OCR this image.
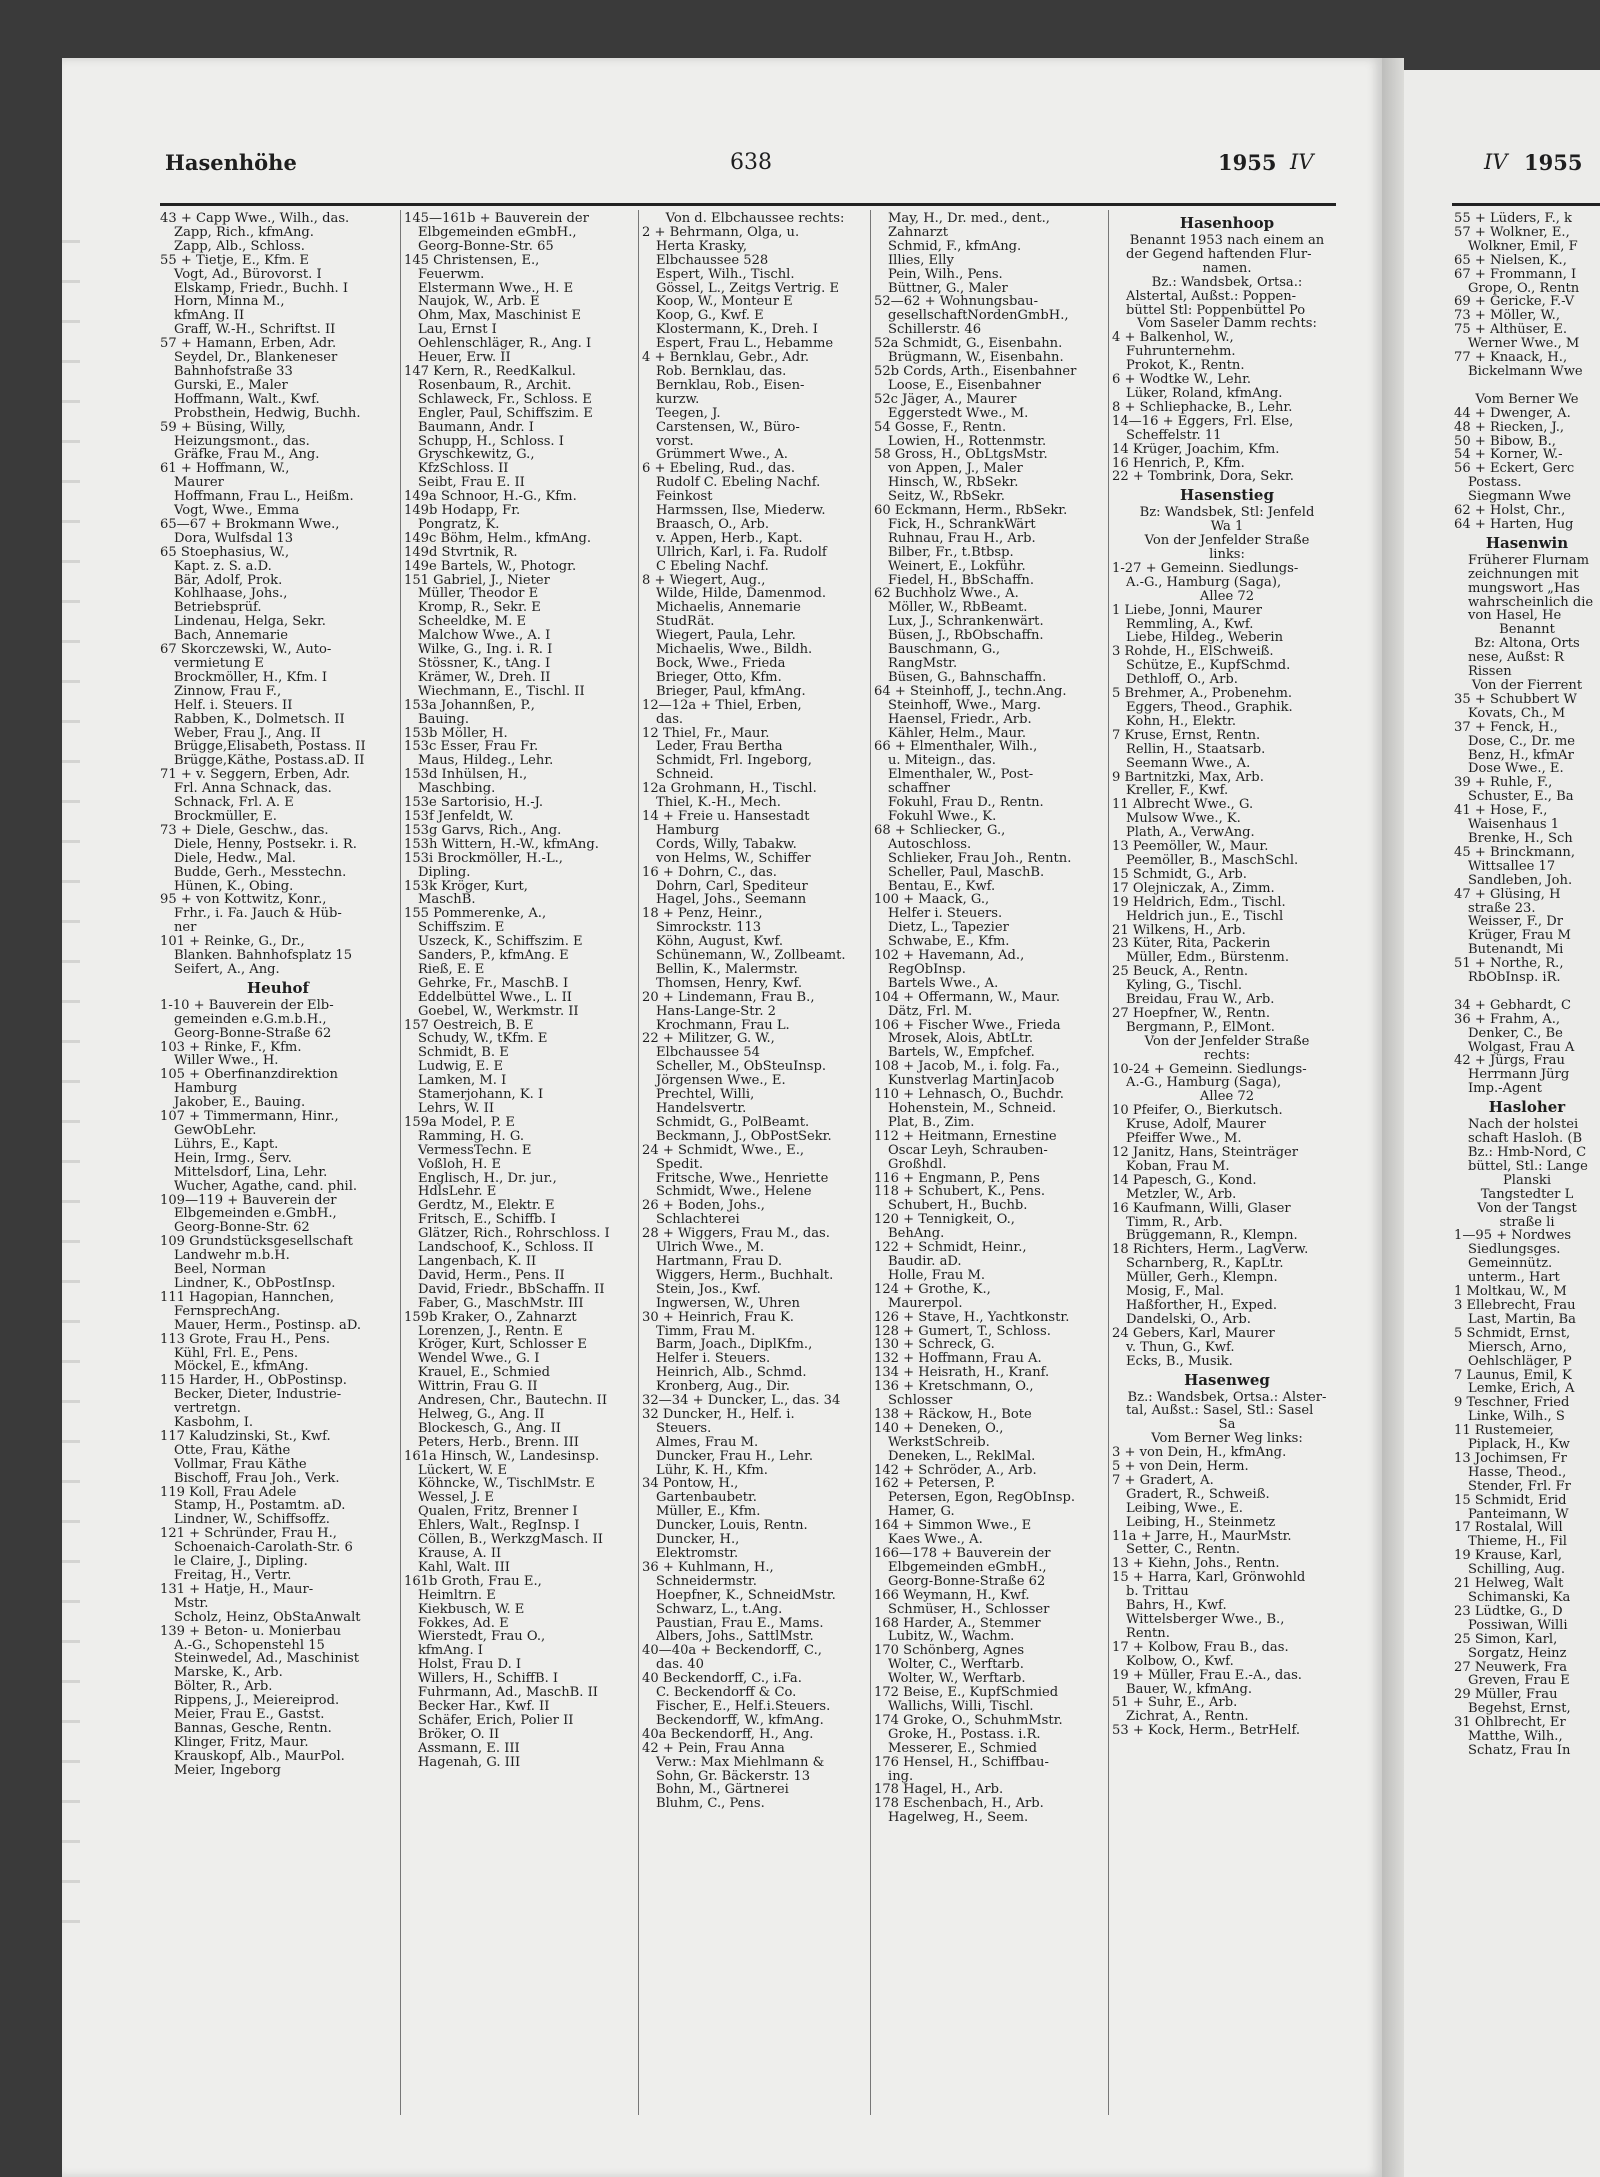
Hasenhöhe	638	1955 IV	IV 1955
43 + Capp Wwe., Wilh., das.
Zapp, Rich., kfmAng.
Zapp, Alb., Schloss.
55 + Tietje, E., Kfm. E
Vogt, Ad., Bürovorst. I
Elskamp, Friedr., Buchh. I
Horn, Minna M.,
kfmAng. II
Graff, W.-H., Schriftst. II
57 + Hamann, Erben, Adr.
Seydel, Dr., Blankeneser
Bahnhofstraße 33
Gurski, E., Maler
Hoffmann, Walt., Kwf.
Probsthein, Hedwig, Buchh.
59 + Büsing, Willy,
Heizungsmont., das.
Gräfke, Frau M., Ang.
61 + Hoffmann, W.,
Maurer
Hoffmann, Frau L., Heißm.
Vogt, Wwe., Emma
65—67 + Brokmann Wwe.,
Dora, Wulfsdal 13
65 Stoephasius, W.,
Kapt. z. S. a.D.
Bär, Adolf, Prok.
Kohlhaase, Johs.,
Betriebsprüf.
Lindenau, Helga, Sekr.
Bach, Annemarie
67 Skorczewski, W., Auto-
vermietung E
Brockmöller, H., Kfm. I
Zinnow, Frau F.,
Helf. i. Steuers. II
Rabben, K., Dolmetsch. II
Weber, Frau J., Ang. II
Brügge,Elisabeth, Postass. II
Brügge,Käthe, Postass.aD. II
71 + v. Seggern, Erben, Adr.
Frl. Anna Schnack, das.
Schnack, Frl. A. E
Brockmüller, E.
73 + Diele, Geschw., das.
Diele, Henny, Postsekr. i. R.
Diele, Hedw., Mal.
Budde, Gerh., Messtechn.
Hünen, K., Obing.
95 + von Kottwitz, Konr.,
Frhr., i. Fa. Jauch & Hüb-
ner
101 + Reinke, G., Dr.,
Blanken. Bahnhofsplatz 15
Seifert, A., Ang.
Heuhof
1-10 + Bauverein der Elb-
gemeinden e.G.m.b.H.,
Georg-Bonne-Straße 62
103 + Rinke, F., Kfm.
Willer Wwe., H.
105 + Oberfinanzdirektion
Hamburg
Jakober, E., Bauing.
107 + Timmermann, Hinr.,
GewObLehr.
Lührs, E., Kapt.
Hein, Irmg., Serv.
Mittelsdorf, Lina, Lehr.
Wucher, Agathe, cand. phil.
109—119 + Bauverein der
Elbgemeinden e.GmbH.,
Georg-Bonne-Str. 62
109 Grundstücksgesellschaft
Landwehr m.b.H.
Beel, Norman
Lindner, K., ObPostInsp.
111 Hagopian, Hannchen,
FernsprechAng.
Mauer, Herm., Postinsp. aD.
113 Grote, Frau H., Pens.
Kühl, Frl. E., Pens.
Möckel, E., kfmAng.
115 Harder, H., ObPostinsp.
Becker, Dieter, Industrie-
vertretgn.
Kasbohm, I.
117 Kaludzinski, St., Kwf.
Otte, Frau, Käthe
Vollmar, Frau Käthe
Bischoff, Frau Joh., Verk.
119 Koll, Frau Adele
Stamp, H., Postamtm. aD.
Lindner, W., Schiffsoffz.
121 + Schründer, Frau H.,
Schoenaich-Carolath-Str. 6
le Claire, J., Dipling.
Freitag, H., Vertr.
131 + Hatje, H., Maur-
Mstr.
Scholz, Heinz, ObStaAnwalt
139 + Beton- u. Monierbau
A.-G., Schopenstehl 15
Steinwedel, Ad., Maschinist
Marske, K., Arb.
Bölter, R., Arb.
Rippens, J., Meiereiprod.
Meier, Frau E., Gastst.
Bannas, Gesche, Rentn.
Klinger, Fritz, Maur.
Krauskopf, Alb., MaurPol.
Meier, Ingeborg
145—161b + Bauverein der
Elbgemeinden eGmbH.,
Georg-Bonne-Str. 65
145 Christensen, E.,
Feuerwm.
Elstermann Wwe., H. E
Naujok, W., Arb. E
Ohm, Max, Maschinist E
Lau, Ernst I
Oehlenschläger, R., Ang. I
Heuer, Erw. II
147 Kern, R., ReedKalkul.
Rosenbaum, R., Archit.
Schlaweck, Fr., Schloss. E
Engler, Paul, Schiffszim. E
Baumann, Andr. I
Schupp, H., Schloss. I
Gryschkewitz, G.,
KfzSchloss. II
Seibt, Frau E. II
149a Schnoor, H.-G., Kfm.
149b Hodapp, Fr.
Pongratz, K.
149c Böhm, Helm., kfmAng.
149d Stvrtnik, R.
149e Bartels, W., Photogr.
151 Gabriel, J., Nieter
Müller, Theodor E
Kromp, R., Sekr. E
Scheeldke, M. E
Malchow Wwe., A. I
Wilke, G., Ing. i. R. I
Stössner, K., tAng. I
Krämer, W., Dreh. II
Wiechmann, E., Tischl. II
153a Johannßen, P.,
Bauing.
153b Möller, H.
153c Esser, Frau Fr.
Maus, Hildeg., Lehr.
153d Inhülsen, H.,
Maschbing.
153e Sartorisio, H.-J.
153f Jenfeldt, W.
153g Garvs, Rich., Ang.
153h Wittern, H.-W., kfmAng.
153i Brockmöller, H.-L.,
Dipling.
153k Kröger, Kurt,
MaschB.
155 Pommerenke, A.,
Schiffszim. E
Uszeck, K., Schiffszim. E
Sanders, P., kfmAng. E
Rieß, E. E
Gehrke, Fr., MaschB. I
Eddelbüttel Wwe., L. II
Goebel, W., Werkmstr. II
157 Oestreich, B. E
Schudy, W., tKfm. E
Schmidt, B. E
Ludwig, E. E
Lamken, M. I
Stamerjohann, K. I
Lehrs, W. II
159a Model, P. E
Ramming, H. G.
VermessTechn. E
Voßloh, H. E
Englisch, H., Dr. jur.,
HdlsLehr. E
Gerdtz, M., Elektr. E
Fritsch, E., Schiffb. I
Glätzer, Rich., Rohrschloss. I
Landschoof, K., Schloss. II
Langenbach, K. II
David, Herm., Pens. II
David, Friedr., BbSchaffn. II
Faber, G., MaschMstr. III
159b Kraker, O., Zahnarzt
Lorenzen, J., Rentn. E
Kröger, Kurt, Schlosser E
Wendel Wwe., G. I
Krauel, E., Schmied
Wittrin, Frau G. II
Andresen, Chr., Bautechn. II
Helweg, G., Ang. II
Blockesch, G., Ang. II
Peters, Herb., Brenn. III
161a Hinsch, W., Landesinsp.
Lückert, W. E
Köhncke, W., TischlMstr. E
Wessel, J. E
Qualen, Fritz, Brenner I
Ehlers, Walt., RegInsp. I
Cöllen, B., WerkzgMasch. II
Krause, A. II
Kahl, Walt. III
161b Groth, Frau E.,
Heimltrn. E
Kiekbusch, W. E
Fokkes, Ad. E
Wierstedt, Frau O.,
kfmAng. I
Holst, Frau D. I
Willers, H., SchiffB. I
Fuhrmann, Ad., MaschB. II
Becker Har., Kwf. II
Schäfer, Erich, Polier II
Bröker, O. II
Assmann, E. III
Hagenah, G. III
Von d. Elbchaussee rechts:
2 + Behrmann, Olga, u.
Herta Krasky,
Elbchaussee 528
Espert, Wilh., Tischl.
Gössel, L., Zeitgs Vertrig. E
Koop, W., Monteur E
Koop, G., Kwf. E
Klostermann, K., Dreh. I
Espert, Frau L., Hebamme
4 + Bernklau, Gebr., Adr.
Rob. Bernklau, das.
Bernklau, Rob., Eisen-
kurzw.
Teegen, J.
Carstensen, W., Büro-
vorst.
Grümmert Wwe., A.
6 + Ebeling, Rud., das.
Rudolf C. Ebeling Nachf.
Feinkost
Harmssen, Ilse, Miederw.
Braasch, O., Arb.
v. Appen, Herb., Kapt.
Ullrich, Karl, i. Fa. Rudolf
C Ebeling Nachf.
8 + Wiegert, Aug.,
Wilde, Hilde, Damenmod.
Michaelis, Annemarie
StudRät.
Wiegert, Paula, Lehr.
Michaelis, Wwe., Bildh.
Bock, Wwe., Frieda
Brieger, Otto, Kfm.
Brieger, Paul, kfmAng.
12—12a + Thiel, Erben,
das.
12 Thiel, Fr., Maur.
Leder, Frau Bertha
Schmidt, Frl. Ingeborg,
Schneid.
12a Grohmann, H., Tischl.
Thiel, K.-H., Mech.
14 + Freie u. Hansestadt
Hamburg
Cords, Willy, Tabakw.
von Helms, W., Schiffer
16 + Dohrn, C., das.
Dohrn, Carl, Spediteur
Hagel, Johs., Seemann
18 + Penz, Heinr.,
Simrockstr. 113
Köhn, August, Kwf.
Schünemann, W., Zollbeamt.
Bellin, K., Malermstr.
Thomsen, Henry, Kwf.
20 + Lindemann, Frau B.,
Hans-Lange-Str. 2
Krochmann, Frau L.
22 + Militzer, G. W.,
Elbchaussee 54
Scheller, M., ObSteuInsp.
Jörgensen Wwe., E.
Prechtel, Willi,
Handelsvertr.
Schmidt, G., PolBeamt.
Beckmann, J., ObPostSekr.
24 + Schmidt, Wwe., E.,
Spedit.
Fritsche, Wwe., Henriette
Schmidt, Wwe., Helene
26 + Boden, Johs.,
Schlachterei
28 + Wiggers, Frau M., das.
Ulrich Wwe., M.
Hartmann, Frau D.
Wiggers, Herm., Buchhalt.
Stein, Jos., Kwf.
Ingwersen, W., Uhren
30 + Heinrich, Frau K.
Timm, Frau M.
Barm, Joach., DiplKfm.,
Helfer i. Steuers.
Heinrich, Alb., Schmd.
Kronberg, Aug., Dir.
32—34 + Duncker, L., das. 34
32 Duncker, H., Helf. i.
Steuers.
Almes, Frau M.
Duncker, Frau H., Lehr.
Lühr, K. H., Kfm.
34 Pontow, H.,
Gartenbaubetr.
Müller, E., Kfm.
Duncker, Louis, Rentn.
Duncker, H.,
Elektromstr.
36 + Kuhlmann, H.,
Schneidermstr.
Hoepfner, K., SchneidMstr.
Schwarz, L., t.Ang.
Paustian, Frau E., Mams.
Albers, Johs., SattlMstr.
40—40a + Beckendorff, C.,
das. 40
40 Beckendorff, C., i.Fa.
C. Beckendorff & Co.
Fischer, E., Helf.i.Steuers.
Beckendorff, W., kfmAng.
40a Beckendorff, H., Ang.
42 + Pein, Frau Anna
Verw.: Max Miehlmann &
Sohn, Gr. Bäckerstr. 13
Bohn, M., Gärtnerei
Bluhm, C., Pens.
May, H., Dr. med., dent.,
Zahnarzt
Schmid, F., kfmAng.
Illies, Elly
Pein, Wilh., Pens.
Büttner, G., Maler
52—62 + Wohnungsbau-
gesellschaftNordenGmbH.,
Schillerstr. 46
52a Schmidt, G., Eisenbahn.
Brügmann, W., Eisenbahn.
52b Cords, Arth., Eisenbahner
Loose, E., Eisenbahner
52c Jäger, A., Maurer
Eggerstedt Wwe., M.
54 Gosse, F., Rentn.
Lowien, H., Rottenmstr.
58 Gross, H., ObLtgsMstr.
von Appen, J., Maler
Hinsch, W., RbSekr.
Seitz, W., RbSekr.
60 Eckmann, Herm., RbSekr.
Fick, H., SchrankWärt
Ruhnau, Frau H., Arb.
Bilber, Fr., t.Btbsp.
Weinert, E., Lokführ.
Fiedel, H., BbSchaffn.
62 Buchholz Wwe., A.
Möller, W., RbBeamt.
Lux, J., Schrankenwärt.
Büsen, J., RbObschaffn.
Bauschmann, G.,
RangMstr.
Büsen, G., Bahnschaffn.
64 + Steinhoff, J., techn.Ang.
Steinhoff, Wwe., Marg.
Haensel, Friedr., Arb.
Kähler, Helm., Maur.
66 + Elmenthaler, Wilh.,
u. Miteign., das.
Elmenthaler, W., Post-
schaffner
Fokuhl, Frau D., Rentn.
Fokuhl Wwe., K.
68 + Schliecker, G.,
Autoschloss.
Schlieker, Frau Joh., Rentn.
Scheller, Paul, MaschB.
Bentau, E., Kwf.
100 + Maack, G.,
Helfer i. Steuers.
Dietz, L., Tapezier
Schwabe, E., Kfm.
102 + Havemann, Ad.,
RegObInsp.
Bartels Wwe., A.
104 + Offermann, W., Maur.
Dätz, Frl. M.
106 + Fischer Wwe., Frieda
Mrosek, Alois, AbtLtr.
Bartels, W., Empfchef.
108 + Jacob, M., i. folg. Fa.,
Kunstverlag MartinJacob
110 + Lehnasch, O., Buchdr.
Hohenstein, M., Schneid.
Plat, B., Zim.
112 + Heitmann, Ernestine
Oscar Leyh, Schrauben-
Großhdl.
116 + Engmann, P., Pens
118 + Schubert, K., Pens.
Schubert, H., Buchb.
120 + Tennigkeit, O.,
BehAng.
122 + Schmidt, Heinr.,
Baudir. aD.
Holle, Frau M.
124 + Grothe, K.,
Maurerpol.
126 + Stave, H., Yachtkonstr.
128 + Gumert, T., Schloss.
130 + Schreck, G.
132 + Hoffmann, Frau A.
134 + Heisrath, H., Kranf.
136 + Kretschmann, O.,
Schlosser
138 + Räckow, H., Bote
140 + Deneken, O.,
WerkstSchreib.
Deneken, L., ReklMal.
142 + Schröder, A., Arb.
162 + Petersen, P.
Petersen, Egon, RegObInsp.
Hamer, G.
164 + Simmon Wwe., E
Kaes Wwe., A.
166—178 + Bauverein der
Elbgemeinden eGmbH.,
Georg-Bonne-Straße 62
166 Weymann, H., Kwf.
Schmüser, H., Schlosser
168 Harder, A., Stemmer
Lubitz, W., Wachm.
170 Schönberg, Agnes
Wolter, C., Werftarb.
Wolter, W., Werftarb.
172 Beise, E., KupfSchmied
Wallichs, Willi, Tischl.
174 Groke, O., SchuhmMstr.
Groke, H., Postass. i.R.
Messerer, E., Schmied
176 Hensel, H., Schiffbau-
ing.
178 Hagel, H., Arb.
178 Eschenbach, H., Arb.
Hagelweg, H., Seem.
Hasenhoop
Benannt 1953 nach einem an
der Gegend haftenden Flur-
namen.
Bz.: Wandsbek, Ortsa.:
Alstertal, Außst.: Poppen-
büttel Stl: Poppenbüttel Po
Vom Saseler Damm rechts:
4 + Balkenhol, W.,
Fuhrunternehm.
Prokot, K., Rentn.
6 + Wodtke W., Lehr.
Lüker, Roland, kfmAng.
8 + Schliephacke, B., Lehr.
14—16 + Eggers, Frl. Else,
Scheffelstr. 11
14 Krüger, Joachim, Kfm.
16 Henrich, P., Kfm.
22 + Tombrink, Dora, Sekr.
Hasenstieg
Bz: Wandsbek, Stl: Jenfeld
Wa 1
Von der Jenfelder Straße
links:
1-27 + Gemeinn. Siedlungs-
A.-G., Hamburg (Saga),
Allee 72
1 Liebe, Jonni, Maurer
Remmling, A., Kwf.
Liebe, Hildeg., Weberin
3 Rohde, H., ElSchweiß.
Schütze, E., KupfSchmd.
Dethloff, O., Arb.
5 Brehmer, A., Probenehm.
Eggers, Theod., Graphik.
Kohn, H., Elektr.
7 Kruse, Ernst, Rentn.
Rellin, H., Staatsarb.
Seemann Wwe., A.
9 Bartnitzki, Max, Arb.
Kreller, F., Kwf.
11 Albrecht Wwe., G.
Mulsow Wwe., K.
Plath, A., VerwAng.
13 Peemöller, W., Maur.
Peemöller, B., MaschSchl.
15 Schmidt, G., Arb.
17 Olejniczak, A., Zimm.
19 Heldrich, Edm., Tischl.
Heldrich jun., E., Tischl
21 Wilkens, H., Arb.
23 Küter, Rita, Packerin
Müller, Edm., Bürstenm.
25 Beuck, A., Rentn.
Kyling, G., Tischl.
Breidau, Frau W., Arb.
27 Hoepfner, W., Rentn.
Bergmann, P., ElMont.
Von der Jenfelder Straße
rechts:
10-24 + Gemeinn. Siedlungs-
A.-G., Hamburg (Saga),
Allee 72
10 Pfeifer, O., Bierkutsch.
Kruse, Adolf, Maurer
Pfeiffer Wwe., M.
12 Janitz, Hans, Steinträger
Koban, Frau M.
14 Papesch, G., Kond.
Metzler, W., Arb.
16 Kaufmann, Willi, Glaser
Timm, R., Arb.
Brüggemann, R., Klempn.
18 Richters, Herm., LagVerw.
Scharnberg, R., KapLtr.
Müller, Gerh., Klempn.
Mosig, F., Mal.
Haßforther, H., Exped.
Dandelski, O., Arb.
24 Gebers, Karl, Maurer
v. Thun, G., Kwf.
Ecks, B., Musik.
Hasenweg
Bz.: Wandsbek, Ortsa.: Alster-
tal, Außst.: Sasel, Stl.: Sasel
Sa
Vom Berner Weg links:
3 + von Dein, H., kfmAng.
5 + von Dein, Herm.
7 + Gradert, A.
Gradert, R., Schweiß.
Leibing, Wwe., E.
Leibing, H., Steinmetz
11a + Jarre, H., MaurMstr.
Setter, C., Rentn.
13 + Kiehn, Johs., Rentn.
15 + Harra, Karl, Grönwohld
b. Trittau
Bahrs, H., Kwf.
Wittelsberger Wwe., B.,
Rentn.
17 + Kolbow, Frau B., das.
Kolbow, O., Kwf.
19 + Müller, Frau E.-A., das.
Bauer, W., kfmAng.
51 + Suhr, E., Arb.
Zichrat, A., Rentn.
53 + Kock, Herm., BetrHelf.
55 + Lüders, F., k
57 + Wolkner, E.,
Wolkner, Emil, F
65 + Nielsen, K.,
67 + Frommann, I
Grope, O., Rentn
69 + Gericke, F.-V
73 + Möller, W.,
75 + Althüser, E.
Werner Wwe., M
77 + Knaack, H.,
Bickelmann Wwe

Vom Berner We
44 + Dwenger, A.
48 + Riecken, J.,
50 + Bibow, B.,
54 + Korner, W.-
56 + Eckert, Gerc
Postass.
Siegmann Wwe
62 + Holst, Chr.,
64 + Harten, Hug
Hasenwin
Früherer Flurnam
zeichnungen mit
mungswort „Has
wahrscheinlich die
von Hasel, He
Benannt
Bz: Altona, Orts
nese, Außst: R
Rissen
Von der Fierrent
35 + Schubbert W
Kovats, Ch., M
37 + Fenck, H.,
Dose, C., Dr. me
Benz, H., kfmAr
Dose Wwe., E.
39 + Ruhle, F.,
Schuster, E., Ba
41 + Hose, F.,
Waisenhaus 1
Brenke, H., Sch
45 + Brinckmann,
Wittsallee 17
Sandleben, Joh.
47 + Glüsing, H
straße 23.
Weisser, F., Dr
Krüger, Frau M
Butenandt, Mi
51 + Northe, R.,
RbObInsp. iR.

34 + Gebhardt, C
36 + Frahm, A.,
Denker, C., Be
Wolgast, Frau A
42 + Jürgs, Frau
Herrmann Jürg
Imp.-Agent
Hasloher
Nach der holstei
schaft Hasloh. (B
Bz.: Hmb-Nord, C
büttel, Stl.: Lange
Planski
Tangstedter L
Von der Tangst
straße li
1—95 + Nordwes
Siedlungsges.
Gemeinnütz.
unterm., Hart
1 Moltkau, W., M
3 Ellebrecht, Frau
Last, Martin, Ba
5 Schmidt, Ernst,
Miersch, Arno,
Oehlschläger, P
7 Launus, Emil, K
Lemke, Erich, A
9 Teschner, Fried
Linke, Wilh., S
11 Rustemeier,
Piplack, H., Kw
13 Jochimsen, Fr
Hasse, Theod.,
Stender, Frl. Fr
15 Schmidt, Erid
Panteimann, W
17 Rostalal, Will
Thieme, H., Fil
19 Krause, Karl,
Schilling, Aug.
21 Helweg, Walt
Schimanski, Ka
23 Lüdtke, G., D
Possiwan, Willi
25 Simon, Karl,
Sorgatz, Heinz
27 Neuwerk, Fra
Greven, Frau E
29 Müller, Frau
Begehst, Ernst,
31 Ohlbrecht, Er
Matthe, Wilh.,
Schatz, Frau In
